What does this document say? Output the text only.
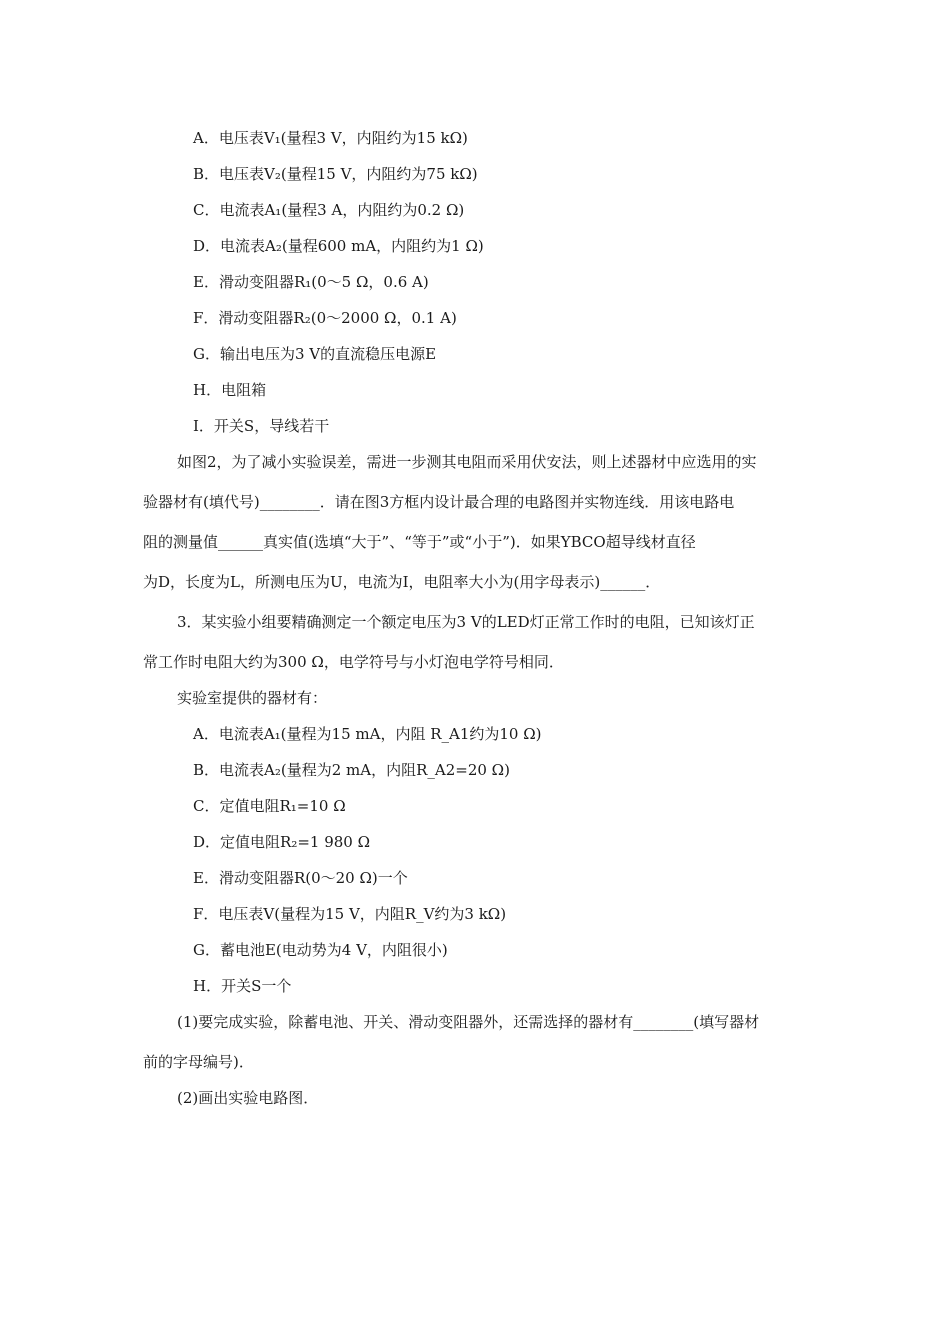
A．电压表V₁(量程3 V，内阻约为15 kΩ)
B．电压表V₂(量程15 V，内阻约为75 kΩ)
C．电流表A₁(量程3 A，内阻约为0.2 Ω)
D．电流表A₂(量程600 mA，内阻约为1 Ω)
E．滑动变阻器R₁(0～5 Ω，0.6 A)
F．滑动变阻器R₂(0～2000 Ω，0.1 A)
G．输出电压为3 V的直流稳压电源E
H．电阻箱
I．开关S，导线若干
如图2，为了减小实验误差，需进一步测其电阻而采用伏安法，则上述器材中应选用的实
验器材有(填代号)________．请在图3方框内设计最合理的电路图并实物连线．用该电路电
阻的测量值______真实值(选填“大于”、“等于”或“小于”)．如果YBCO超导线材直径
为D，长度为L，所测电压为U，电流为I，电阻率大小为(用字母表示)______．
3．某实验小组要精确测定一个额定电压为3 V的LED灯正常工作时的电阻，已知该灯正
常工作时电阻大约为300 Ω，电学符号与小灯泡电学符号相同．
实验室提供的器材有：
A．电流表A₁(量程为15 mA，内阻 R_A1约为10 Ω)
B．电流表A₂(量程为2 mA，内阻R_A2=20 Ω)
C．定值电阻R₁=10 Ω
D．定值电阻R₂=1 980 Ω
E．滑动变阻器R(0～20 Ω)一个
F．电压表V(量程为15 V，内阻R_V约为3 kΩ)
G．蓄电池E(电动势为4 V，内阻很小)
H．开关S一个
(1)要完成实验，除蓄电池、开关、滑动变阻器外，还需选择的器材有________(填写器材
前的字母编号)．
(2)画出实验电路图．
